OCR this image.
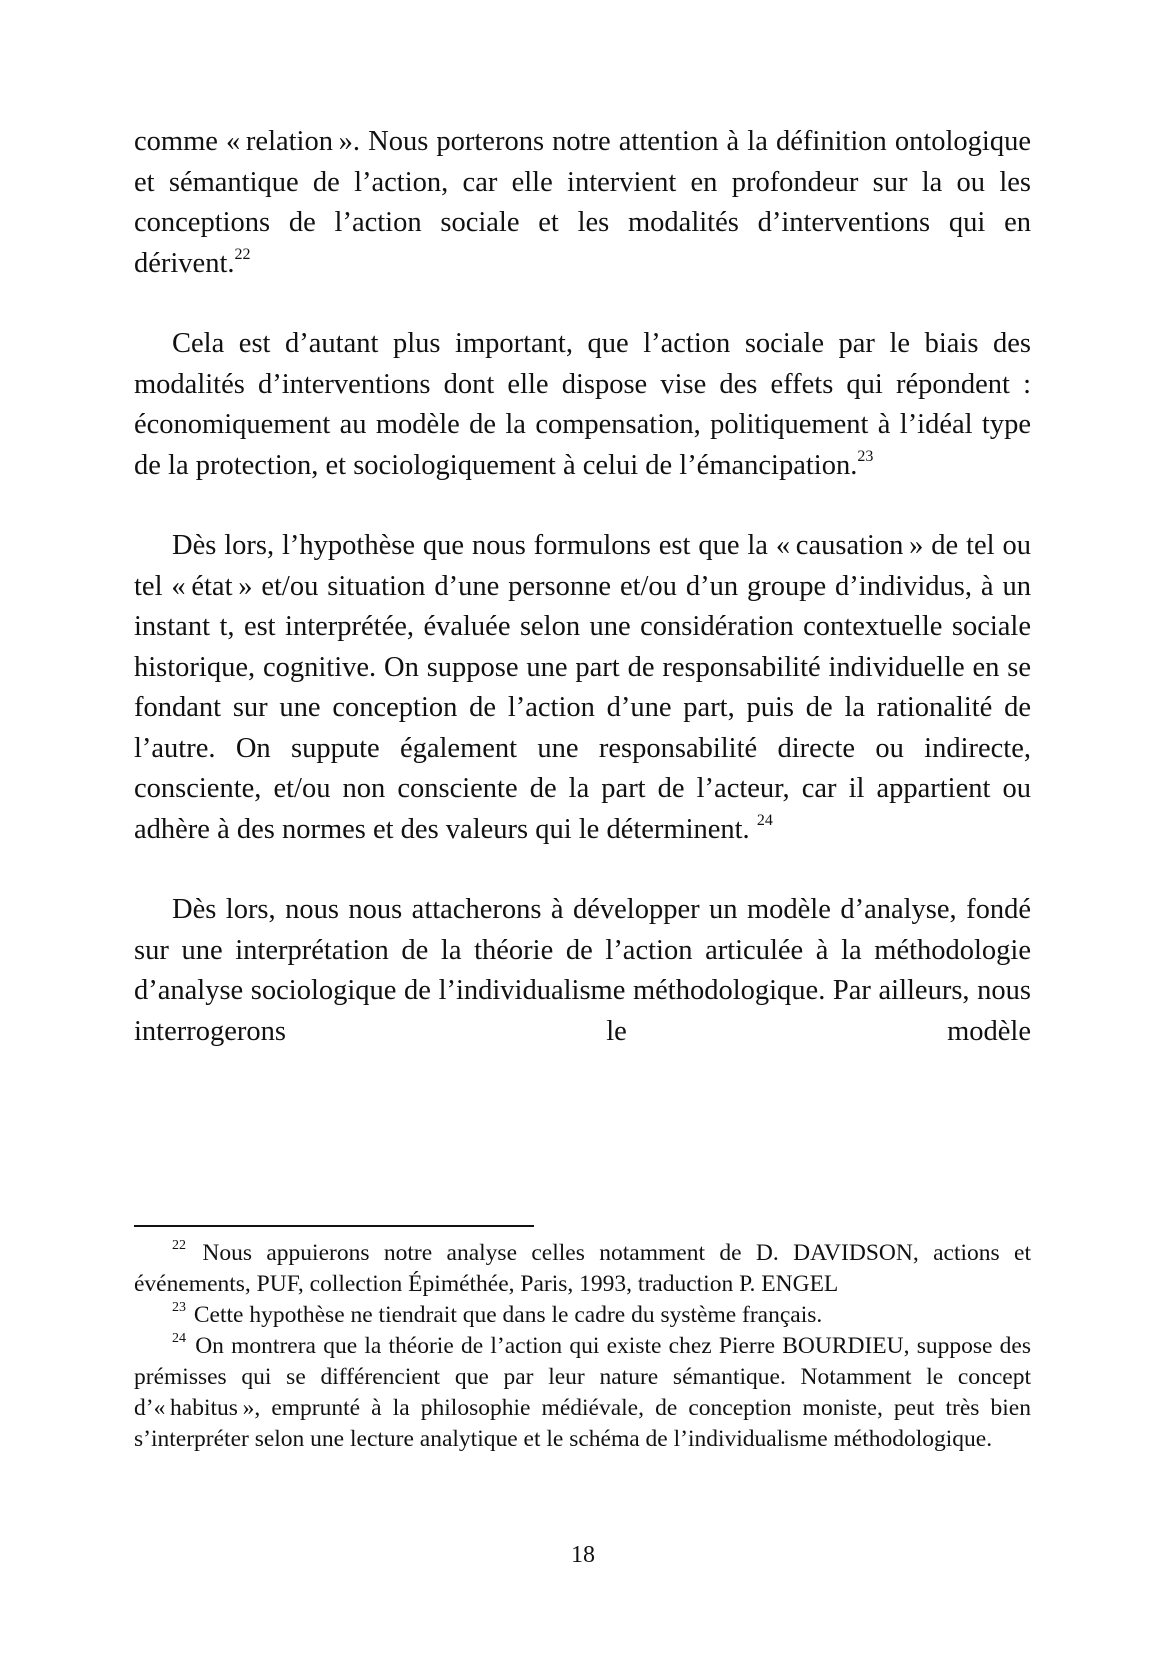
comme « relation ». Nous porterons notre attention à la définition ontologique et sémantique de l’action, car elle intervient en profondeur sur la ou les conceptions de l’action sociale et les modalités d’interventions qui en dérivent.$^{22}$

Cela est d’autant plus important, que l’action sociale par le biais des modalités d’interventions dont elle dispose vise des effets qui répondent : économiquement au modèle de la compensation, politiquement à l’idéal type de la protection, et sociologiquement à celui de l’émancipation.$^{23}$

Dès lors, l’hypothèse que nous formulons est que la « causation » de tel ou tel « état » et/ou situation d’une personne et/ou d’un groupe d’individus, à un instant t, est interprétée, évaluée selon une considération contextuelle sociale historique, cognitive. On suppose une part de responsabilité individuelle en se fondant sur une conception de l’action d’une part, puis de la rationalité de l’autre. On suppute également une responsabilité directe ou indirecte, consciente, et/ou non consciente de la part de l’acteur, car il appartient ou adhère à des normes et des valeurs qui le déterminent. $^{24}$

Dès lors, nous nous attacherons à développer un modèle d’analyse, fondé sur une interprétation de la théorie de l’action articulée à la méthodologie d’analyse sociologique de l’individualisme méthodologique. Par ailleurs, nous interrogerons le modèle

$^{22}$ Nous appuierons notre analyse celles notamment de D. DAVIDSON, actions et événements, PUF, collection Épiméthée, Paris, 1993, traduction P. ENGEL

$^{23}$ Cette hypothèse ne tiendrait que dans le cadre du système français.

$^{24}$ On montrera que la théorie de l’action qui existe chez Pierre BOURDIEU, suppose des prémisses qui se différencient que par leur nature sémantique. Notamment le concept d’« habitus », emprunté à la philosophie médiévale, de conception moniste, peut très bien s’interpréter selon une lecture analytique et le schéma de l’individualisme méthodologique.

18
